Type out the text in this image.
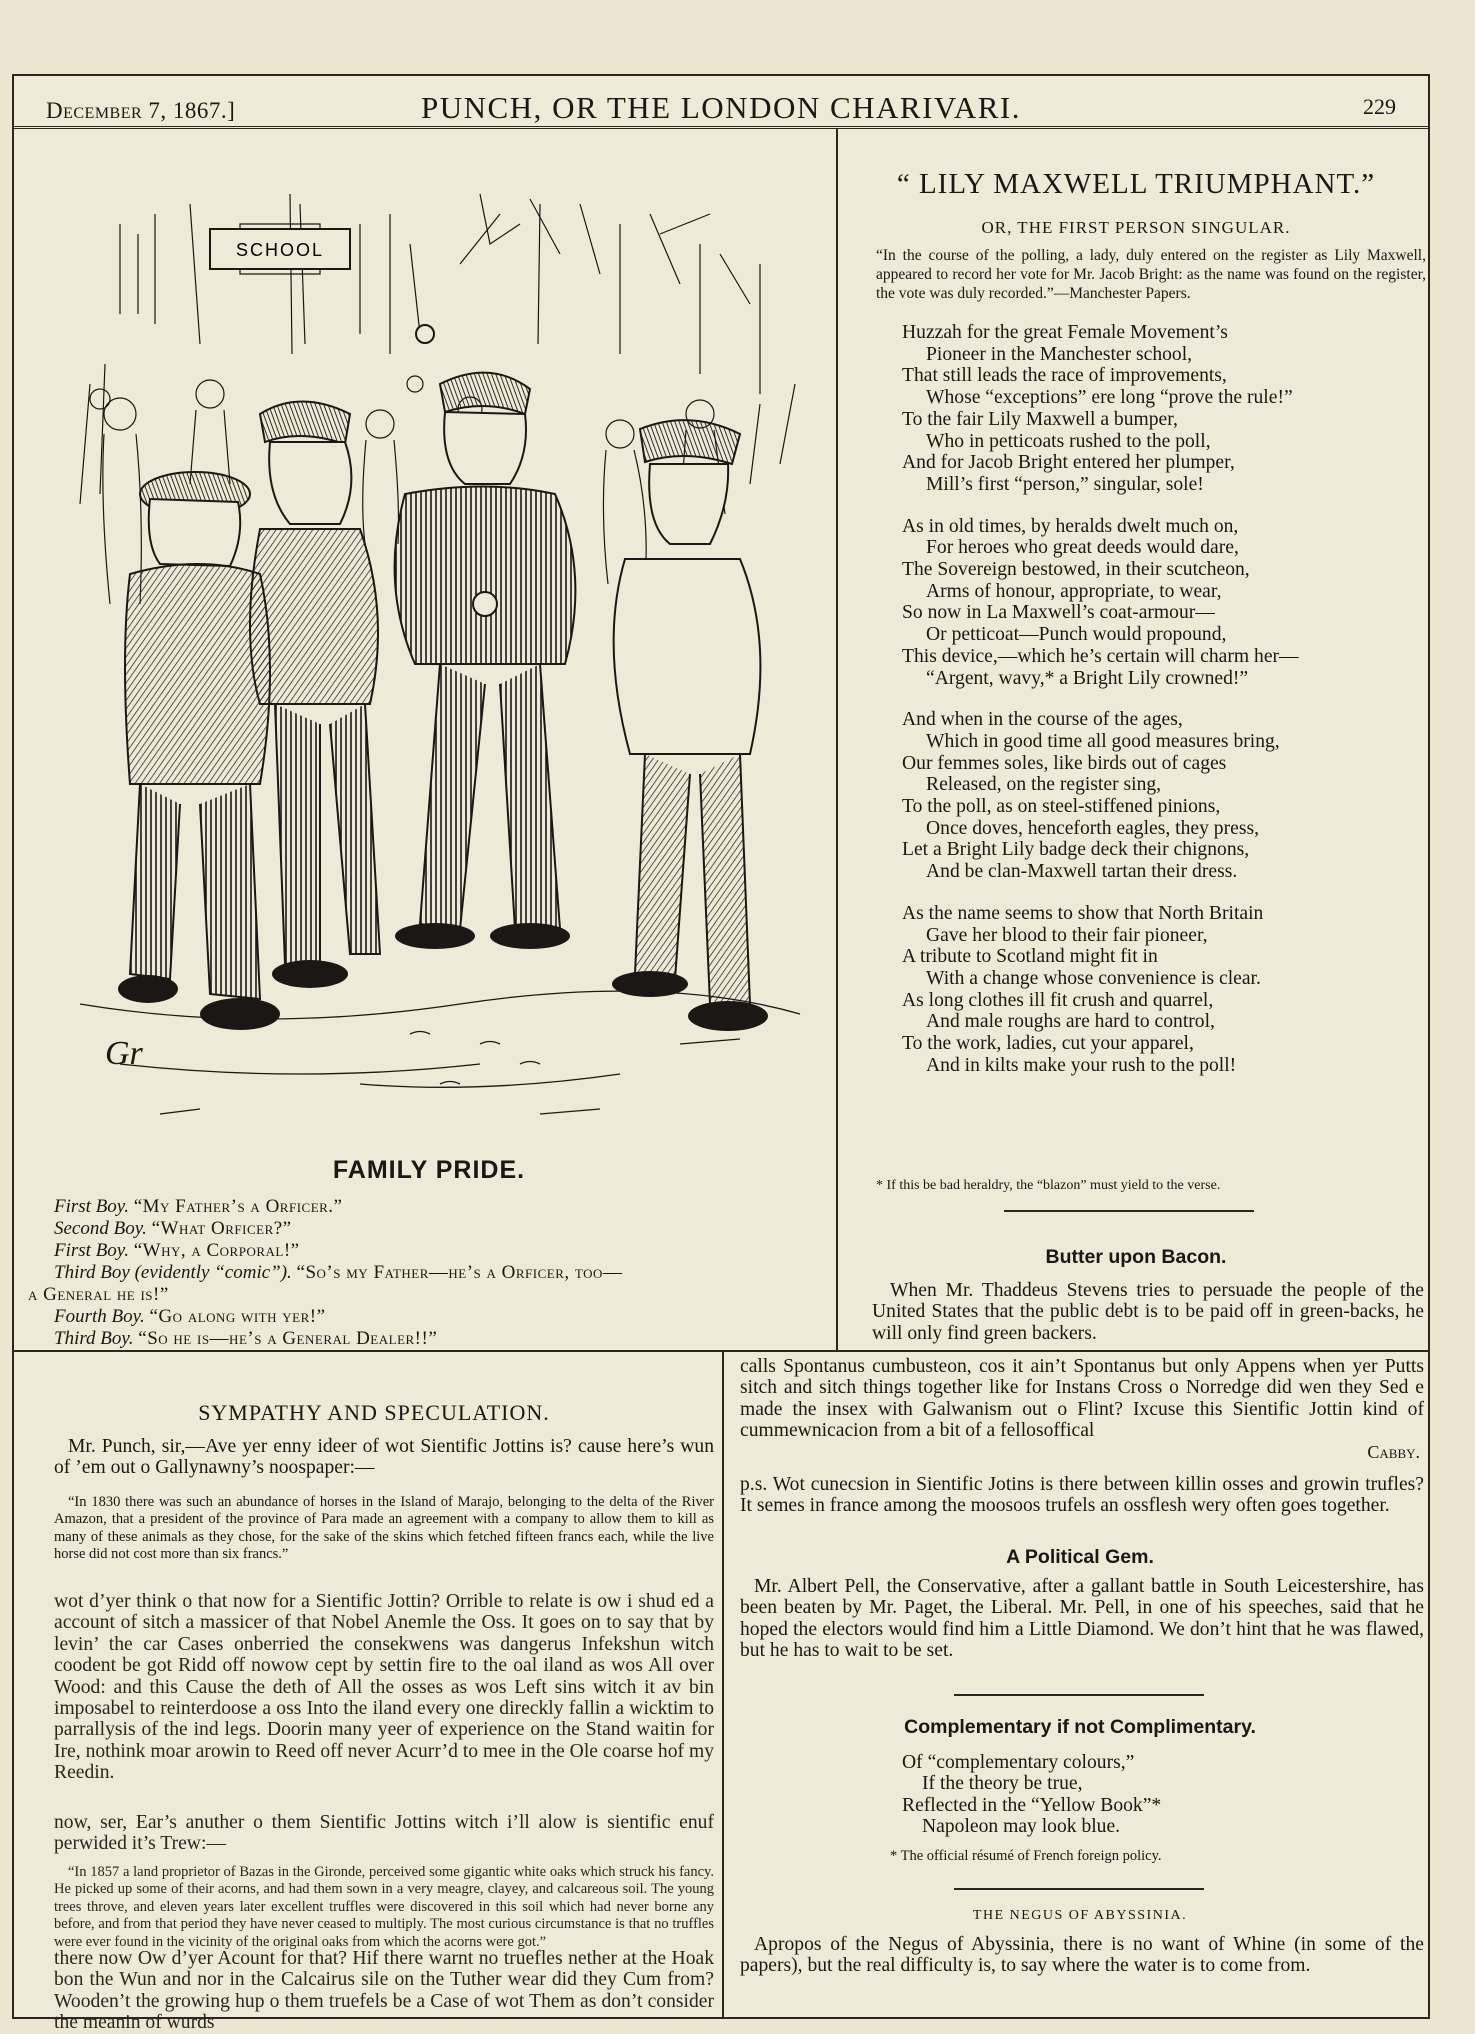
December 7, 1867.]	PUNCH, OR THE LONDON CHARIVARI.	229
SCHOOL
Gr
FAMILY PRIDE.

First Boy. “My Father’s a Orficer.”

Second Boy. “What Orficer?”

First Boy. “Why, a Corporal!”

Third Boy (evidently “comic”). “So’s my Father—he’s a Orficer, too—

a General he is!”

Fourth Boy. “Go along with yer!”

Third Boy. “So he is—he’s a General Dealer!!”

“ LILY MAXWELL TRIUMPHANT.”
OR, THE FIRST PERSON SINGULAR.
“In the course of the polling, a lady, duly entered on the register as Lily Maxwell, appeared to record her vote for Mr. Jacob Bright: as the name was found on the register, the vote was duly recorded.”—Manchester Papers.
Huzzah for the great Female Movement’s
Pioneer in the Manchester school,
That still leads the race of improvements,
Whose “exceptions” ere long “prove the rule!”
To the fair Lily Maxwell a bumper,
Who in petticoats rushed to the poll,
And for Jacob Bright entered her plumper,
Mill’s first “person,” singular, sole!
As in old times, by heralds dwelt much on,
For heroes who great deeds would dare,
The Sovereign bestowed, in their scutcheon,
Arms of honour, appropriate, to wear,
So now in La Maxwell’s coat-armour—
Or petticoat—Punch would propound,
This device,—which he’s certain will charm her—
“Argent, wavy,* a Bright Lily crowned!”
And when in the course of the ages,
Which in good time all good measures bring,
Our femmes soles, like birds out of cages
Released, on the register sing,
To the poll, as on steel-stiffened pinions,
Once doves, henceforth eagles, they press,
Let a Bright Lily badge deck their chignons,
And be clan-Maxwell tartan their dress.
As the name seems to show that North Britain
Gave her blood to their fair pioneer,
A tribute to Scotland might fit in
With a change whose convenience is clear.
As long clothes ill fit crush and quarrel,
And male roughs are hard to control,
To the work, ladies, cut your apparel,
And in kilts make your rush to the poll!
* If this be bad heraldry, the “blazon” must yield to the verse.
Butter upon Bacon.

When Mr. Thaddeus Stevens tries to persuade the people of the United States that the public debt is to be paid off in green-backs, he will only find green backers.

SYMPATHY AND SPECULATION.

Mr. Punch, sir,—Ave yer enny ideer of wot Sientific Jottins is? cause here’s wun of ’em out o Gallynawny’s noospaper:—

“In 1830 there was such an abundance of horses in the Island of Marajo, belonging to the delta of the River Amazon, that a president of the province of Para made an agreement with a company to allow them to kill as many of these animals as they chose, for the sake of the skins which fetched fifteen francs each, while the live horse did not cost more than six francs.”

wot d’yer think o that now for a Sientific Jottin? Orrible to relate is ow i shud ed a account of sitch a massicer of that Nobel Anemle the Oss. It goes on to say that by levin’ the car Cases onberried the consekwens was dangerus Infekshun witch coodent be got Ridd off nowow cept by settin fire to the oal iland as wos All over Wood: and this Cause the deth of All the osses as wos Left sins witch it av bin imposabel to reinterdoose a oss Into the iland every one direckly fallin a wicktim to parrallysis of the ind legs. Doorin many yeer of experience on the Stand waitin for Ire, nothink moar arowin to Reed off never Acurr’d to mee in the Ole coarse hof my Reedin.

now, ser, Ear’s anuther o them Sientific Jottins witch i’ll alow is sientific enuf perwided it’s Trew:—

“In 1857 a land proprietor of Bazas in the Gironde, perceived some gigantic white oaks which struck his fancy. He picked up some of their acorns, and had them sown in a very meagre, clayey, and calcareous soil. The young trees throve, and eleven years later excellent truffles were discovered in this soil which had never borne any before, and from that period they have never ceased to multiply. The most curious circumstance is that no truffles were ever found in the vicinity of the original oaks from which the acorns were got.”

there now Ow d’yer Acount for that? Hif there warnt no truefles nether at the Hoak bon the Wun and nor in the Calcairus sile on the Tuther wear did they Cum from? Wooden’t the growing hup o them truefels be a Case of wot Them as don’t consider the meanin of wurds

calls Spontanus cumbusteon, cos it ain’t Spontanus but only Appens when yer Putts sitch and sitch things together like for Instans Cross o Norredge did wen they Sed e made the insex with Galwanism out o Flint? Ixcuse this Sientific Jottin kind of cummewnicacion from a bit of a fellosoffical

Cabby.

p.s. Wot cunecsion in Sientific Jotins is there between killin osses and growin trufles? It semes in france among the moosoos trufels an ossflesh wery often goes together.

A Political Gem.

Mr. Albert Pell, the Conservative, after a gallant battle in South Leicestershire, has been beaten by Mr. Paget, the Liberal. Mr. Pell, in one of his speeches, said that he hoped the electors would find him a Little Diamond. We don’t hint that he was flawed, but he has to wait to be set.

Complementary if not Complimentary.

Of “complementary colours,”

If the theory be true,

Reflected in the “Yellow Book”*

Napoleon may look blue.

* The official résumé of French foreign policy.
THE NEGUS OF ABYSSINIA.

Apropos of the Negus of Abyssinia, there is no want of Whine (in some of the papers), but the real difficulty is, to say where the water is to come from.
